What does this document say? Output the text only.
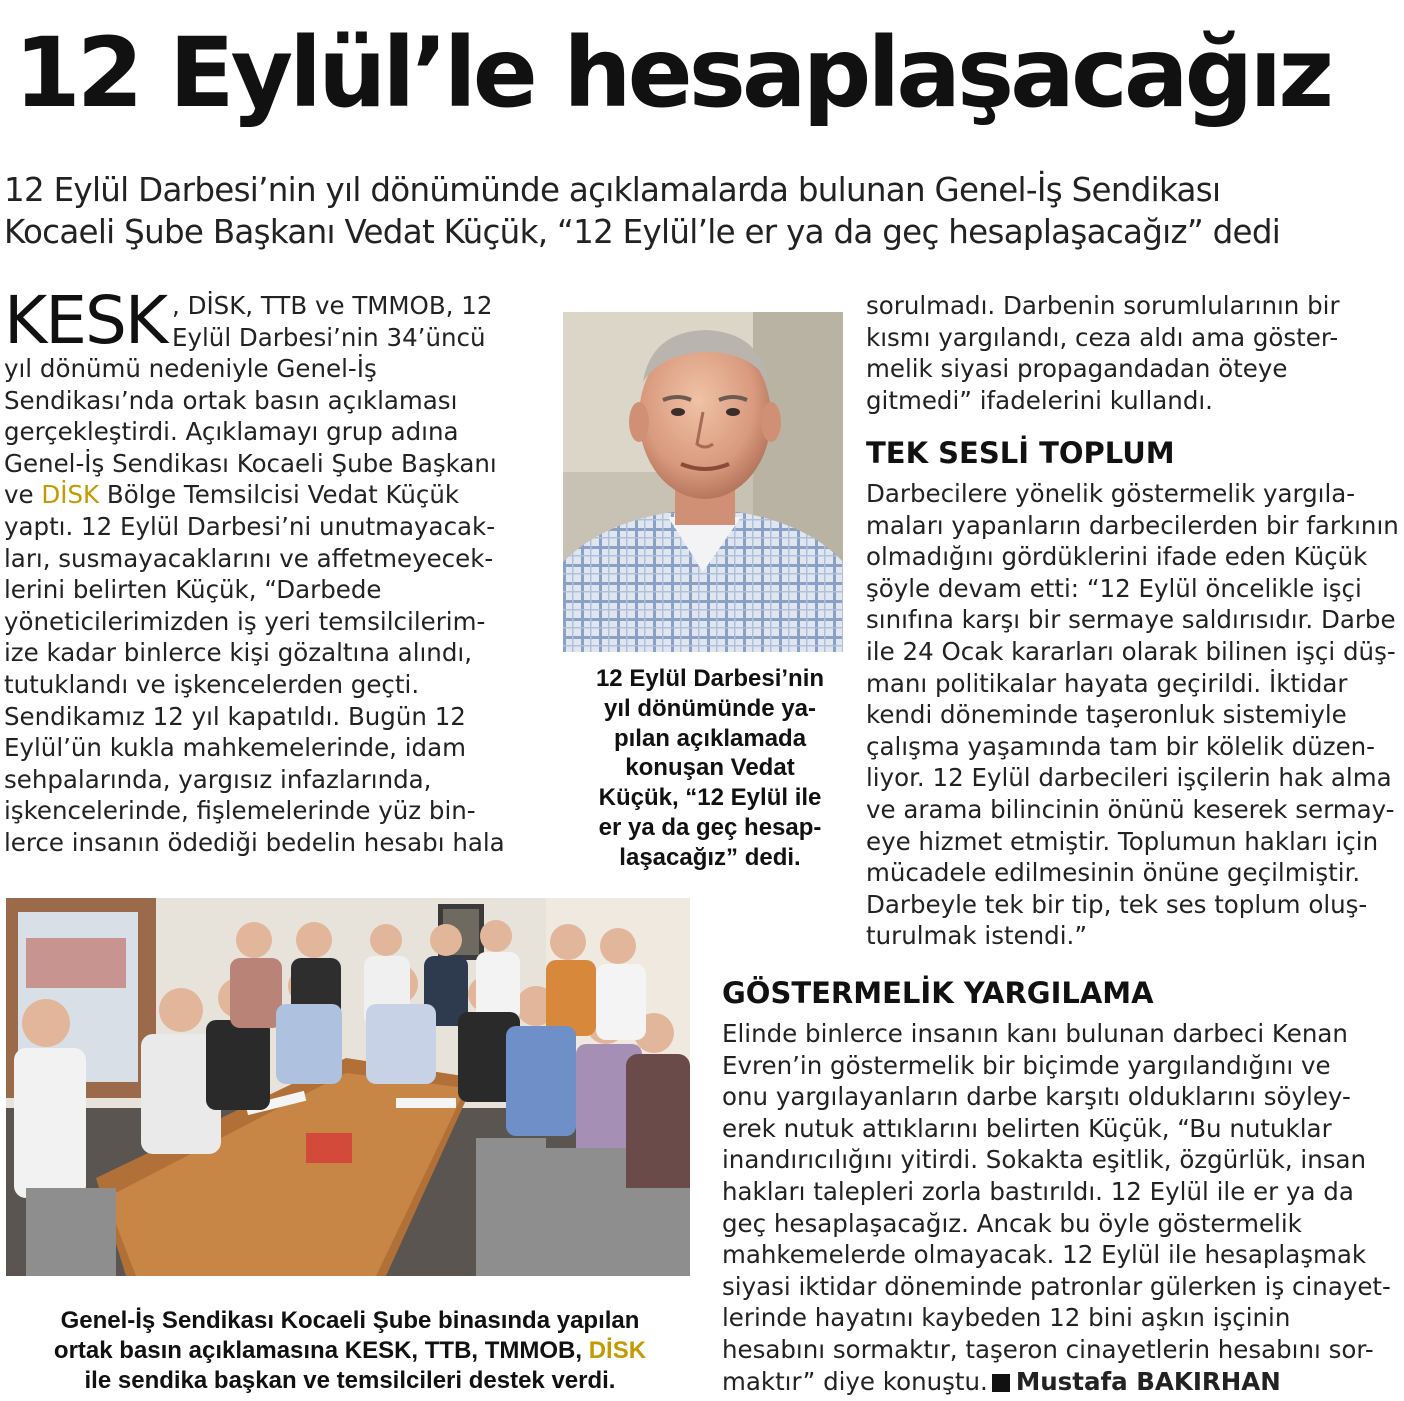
12 Eylül’le hesaplaşacağız

12 Eylül Darbesi’nin yıl dönümünde açıklamalarda bulunan Genel-İş Sendikası

Kocaeli Şube Başkanı Vedat Küçük, “12 Eylül’le er ya da geç hesaplaşacağız” dedi

KESK , DİSK, TTB ve TMMOB, 12
Eylül Darbesi’nin 34’üncü
yıl dönümü nedeniyle Genel-İş
Sendikası’nda ortak basın açıklaması
gerçekleştirdi. Açıklamayı grup adına
Genel-İş Sendikası Kocaeli Şube Başkanı
ve DİSK Bölge Temsilcisi Vedat Küçük
yaptı. 12 Eylül Darbesi’ni unutmayacak-
ları, susmayacaklarını ve affetmeyecek-
lerini belirten Küçük, “Darbede
yöneticilerimizden iş yeri temsilcilerim-
ize kadar binlerce kişi gözaltına alındı,
tutuklandı ve işkencelerden geçti.
Sendikamız 12 yıl kapatıldı. Bugün 12
Eylül’ün kukla mahkemelerinde, idam
sehpalarında, yargısız infazlarında,
işkencelerinde, fişlemelerinde yüz bin-
lerce insanın ödediği bedelin hesabı hala
12 Eylül Darbesi’nin
yıl dönümünde ya-
pılan açıklamada
konuşan Vedat
Küçük, “12 Eylül ile
er ya da geç hesap-
laşacağız” dedi.
sorulmadı. Darbenin sorumlularının bir
kısmı yargılandı, ceza aldı ama göster-
melik siyasi propagandadan öteye
gitmedi” ifadelerini kullandı.
TEK SESLİ TOPLUM
Darbecilere yönelik göstermelik yargıla-
maları yapanların darbecilerden bir farkının
olmadığını gördüklerini ifade eden Küçük
şöyle devam etti: “12 Eylül öncelikle işçi
sınıfına karşı bir sermaye saldırısıdır. Darbe
ile 24 Ocak kararları olarak bilinen işçi düş-
manı politikalar hayata geçirildi. İktidar
kendi döneminde taşeronluk sistemiyle
çalışma yaşamında tam bir kölelik düzen-
liyor. 12 Eylül darbecileri işçilerin hak alma
ve arama bilincinin önünü keserek sermay-
eye hizmet etmiştir. Toplumun hakları için
mücadele edilmesinin önüne geçilmiştir.
Darbeyle tek bir tip, tek ses toplum oluş-
turulmak istendi.”
Genel-İş Sendikası Kocaeli Şube binasında yapılan
ortak basın açıklamasına KESK, TTB, TMMOB, DİSK
ile sendika başkan ve temsilcileri destek verdi.
GÖSTERMELİK YARGILAMA
Elinde binlerce insanın kanı bulunan darbeci Kenan
Evren’in göstermelik bir biçimde yargılandığını ve
onu yargılayanların darbe karşıtı olduklarını söyley-
erek nutuk attıklarını belirten Küçük, “Bu nutuklar
inandırıcılığını yitirdi. Sokakta eşitlik, özgürlük, insan
hakları talepleri zorla bastırıldı. 12 Eylül ile er ya da
geç hesaplaşacağız. Ancak bu öyle göstermelik
mahkemelerde olmayacak. 12 Eylül ile hesaplaşmak
siyasi iktidar döneminde patronlar gülerken iş cinayet-
lerinde hayatını kaybeden 12 bini aşkın işçinin
hesabını sormaktır, taşeron cinayetlerin hesabını sor-
maktır” diye konuştu. Mustafa BAKIRHAN
